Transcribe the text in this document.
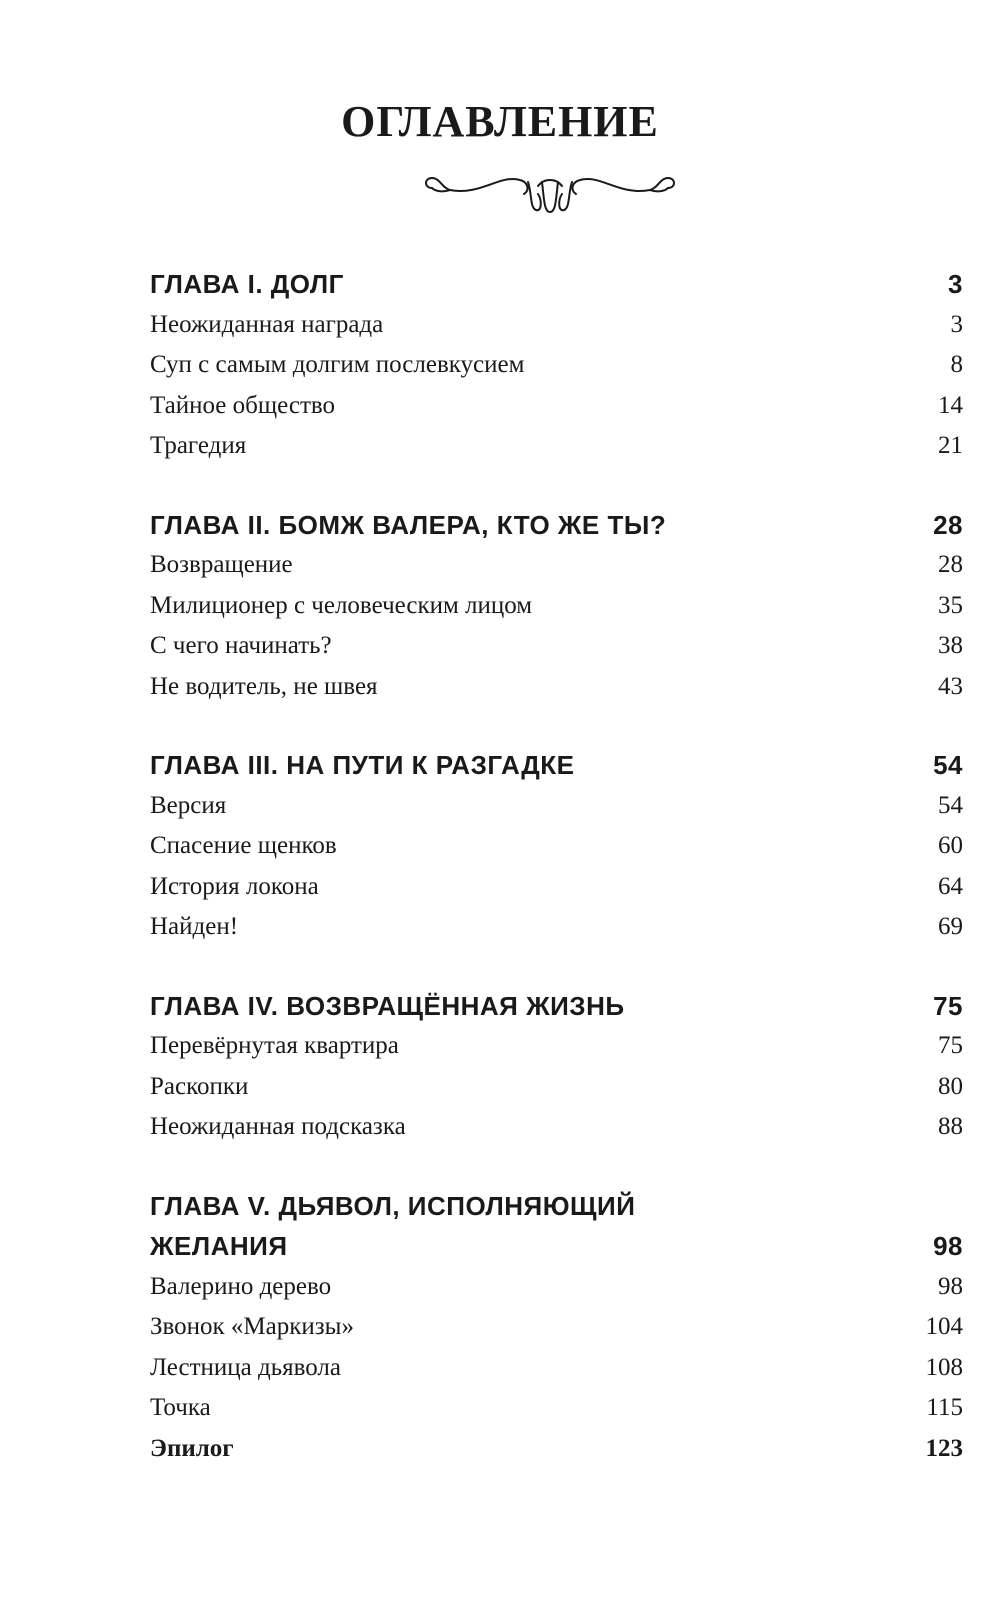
ОГЛАВЛЕНИЕ
ГЛАВА I. ДОЛГ	3
Неожиданная награда	3
Суп с самым долгим послевкусием	8
Тайное общество	14
Трагедия	21
ГЛАВА II. БОМЖ ВАЛЕРА, КТО ЖЕ ТЫ?	28
Возвращение	28
Милиционер с человеческим лицом	35
С чего начинать?	38
Не водитель, не швея	43
ГЛАВА III. НА ПУТИ К РАЗГАДКЕ	54
Версия	54
Спасение щенков	60
История локона	64
Найден!	69
ГЛАВА IV. ВОЗВРАЩЁННАЯ ЖИЗНЬ	75
Перевёрнутая квартира	75
Раскопки	80
Неожиданная подсказка	88
ГЛАВА V. ДЬЯВОЛ, ИСПОЛНЯЮЩИЙ
ЖЕЛАНИЯ	98
Валерино дерево	98
Звонок «Маркизы»	104
Лестница дьявола	108
Точка	115
Эпилог	123
